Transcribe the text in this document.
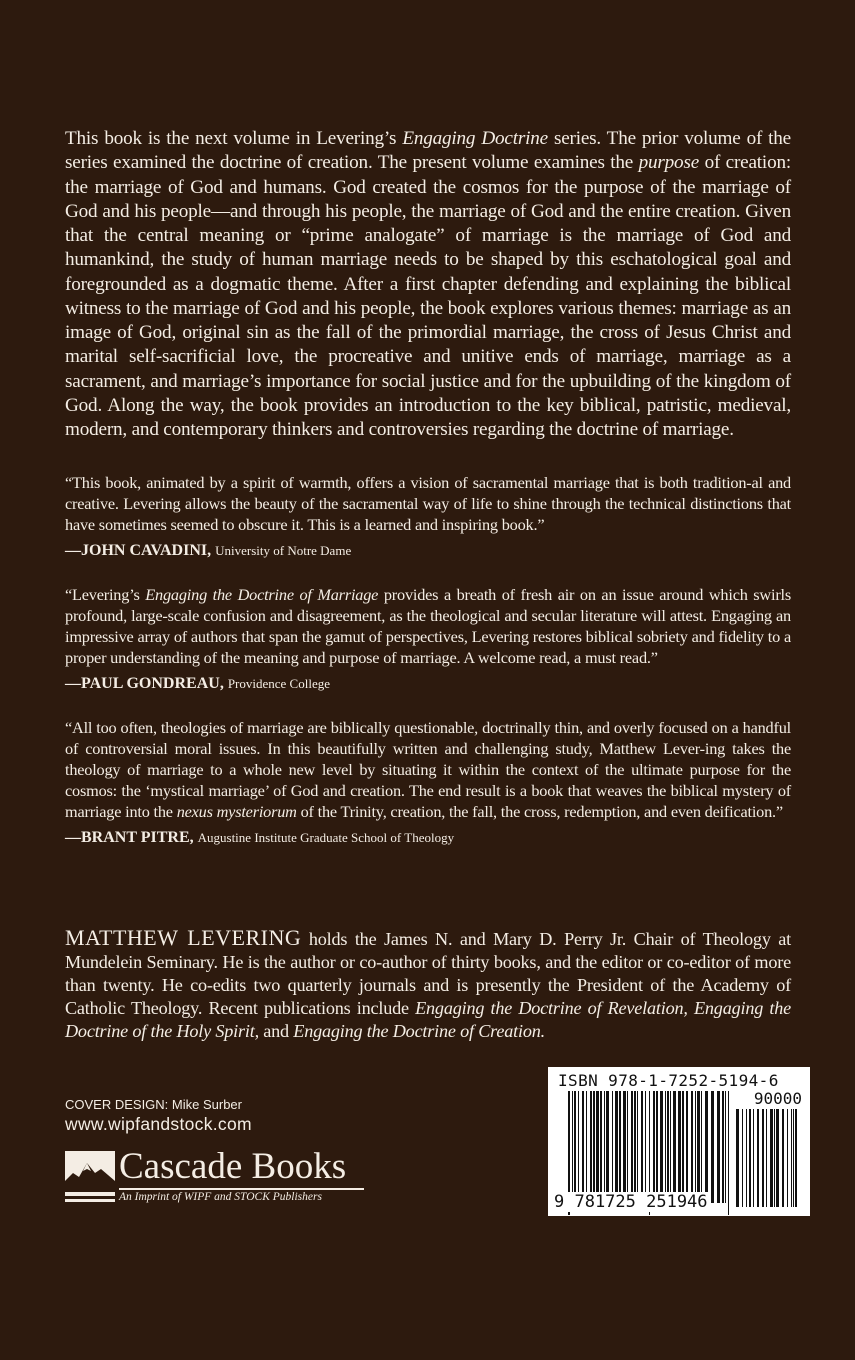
This book is the next volume in Levering’s Engaging Doctrine series. The prior volume of the series examined the doctrine of creation. The present volume examines the purpose of creation: the marriage of God and humans. God created the cosmos for the purpose of the marriage of God and his people—and through his people, the marriage of God and the entire creation. Given that the central meaning or “prime analogate” of marriage is the marriage of God and humankind, the study of human marriage needs to be shaped by this eschatological goal and foregrounded as a dogmatic theme. After a first chapter defending and explaining the biblical witness to the marriage of God and his people, the book explores various themes: marriage as an image of God, original sin as the fall of the primordial marriage, the cross of Jesus Christ and marital self-sacrificial love, the procreative and unitive ends of marriage, marriage as a sacrament, and marriage’s importance for social justice and for the upbuilding of the kingdom of God. Along the way, the book provides an introduction to the key biblical, patristic, medieval, modern, and contemporary thinkers and controversies regarding the doctrine of marriage.

“This book, animated by a spirit of warmth, offers a vision of sacramental marriage that is both tradition-al and creative. Levering allows the beauty of the sacramental way of life to shine through the technical distinctions that have sometimes seemed to obscure it. This is a learned and inspiring book.”

—JOHN CAVADINI, University of Notre Dame

“Levering’s Engaging the Doctrine of Marriage provides a breath of fresh air on an issue around which swirls profound, large-scale confusion and disagreement, as the theological and secular literature will attest. Engaging an impressive array of authors that span the gamut of perspectives, Levering restores biblical sobriety and fidelity to a proper understanding of the meaning and purpose of marriage. A welcome read, a must read.”

—PAUL GONDREAU, Providence College

“All too often, theologies of marriage are biblically questionable, doctrinally thin, and overly focused on a handful of controversial moral issues. In this beautifully written and challenging study, Matthew Lever-ing takes the theology of marriage to a whole new level by situating it within the context of the ultimate purpose for the cosmos: the ‘mystical marriage’ of God and creation. The end result is a book that weaves the biblical mystery of marriage into the nexus mysteriorum of the Trinity, creation, the fall, the cross, redemption, and even deification.”

—BRANT PITRE, Augustine Institute Graduate School of Theology

MATTHEW LEVERING holds the James N. and Mary D. Perry Jr. Chair of Theology at Mundelein Seminary. He is the author or co-author of thirty books, and the editor or co-editor of more than twenty. He co-edits two quarterly journals and is presently the President of the Academy of Catholic Theology. Recent publications include Engaging the Doctrine of Revelation, Engaging the Doctrine of the Holy Spirit, and Engaging the Doctrine of Creation.

COVER DESIGN: Mike Surber
www.wipfandstock.com
Cascade Books
An Imprint of WIPF and STOCK Publishers
ISBN 978-1-7252-5194-6
90000
9 781725 251946
